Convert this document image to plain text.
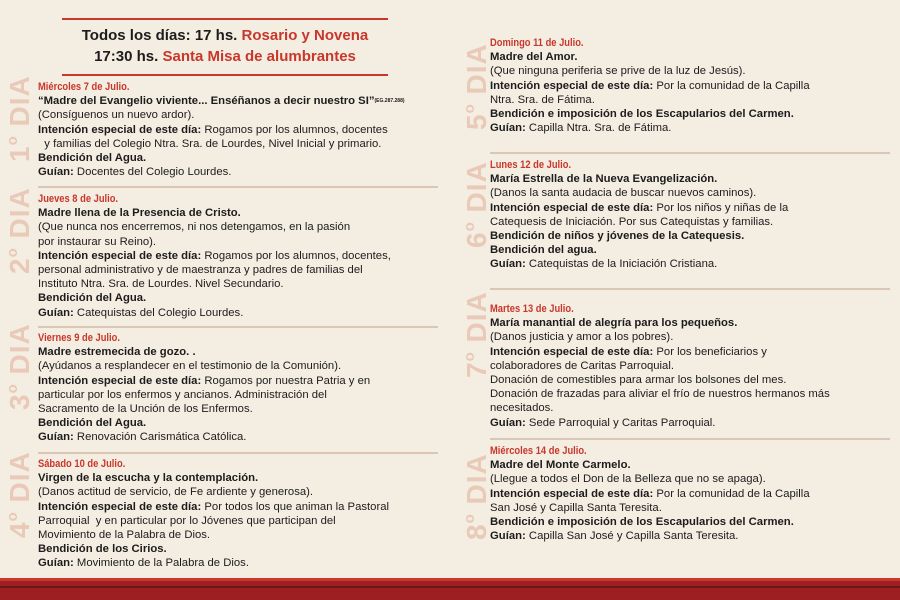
Todos los días: 17 hs. Rosario y Novena
17:30 hs. Santa Misa de alumbrantes
1$^o$ DIA
2$^o$ DIA
3$^o$ DIA
4$^o$ DIA
5$^o$ DIA
6$^o$ DIA
7$^o$ DIA
8$^o$ DIA
Miércoles 7 de Julio.
“Madre del Evangelio viviente... Enséñanos a decir nuestro SI”$^{(EG.287.288)}$
(Consíguenos un nuevo ardor).
Intención especial de este día: Rogamos por los alumnos, docentes
y familias del Colegio Ntra. Sra. de Lourdes, Nivel Inicial y primario.
Bendición del Agua.
Guían: Docentes del Colegio Lourdes.
Jueves 8 de Julio.
Madre llena de la Presencia de Cristo.
(Que nunca nos encerremos, ni nos detengamos, en la pasión
por instaurar su Reino).
Intención especial de este día: Rogamos por los alumnos, docentes,
personal administrativo y de maestranza y padres de familias del
Instituto Ntra. Sra. de Lourdes. Nivel Secundario.
Bendición del Agua.
Guían: Catequistas del Colegio Lourdes.
Viernes 9 de Julio.
Madre estremecida de gozo. .
(Ayúdanos a resplandecer en el testimonio de la Comunión).
Intención especial de este día: Rogamos por nuestra Patria y en
particular por los enfermos y ancianos. Administración del
Sacramento de la Unción de los Enfermos.
Bendición del Agua.
Guían: Renovación Carismática Católica.
Sábado 10 de Julio.
Virgen de la escucha y la contemplación.
(Danos actitud de servicio, de Fe ardiente y generosa).
Intención especial de este día: Por todos los que animan la Pastoral
Parroquial  y en particular por lo Jóvenes que participan del
Movimiento de la Palabra de Dios.
Bendición de los Cirios.
Guían: Movimiento de la Palabra de Dios.
Domingo 11 de Julio.
Madre del Amor.
(Que ninguna periferia se prive de la luz de Jesús).
Intención especial de este día: Por la comunidad de la Capilla
Ntra. Sra. de Fátima.
Bendición e imposición de los Escapularios del Carmen.
Guían: Capilla Ntra. Sra. de Fátima.
Lunes 12 de Julio.
María Estrella de la Nueva Evangelización.
(Danos la santa audacia de buscar nuevos caminos).
Intención especial de este día: Por los niños y niñas de la
Catequesis de Iniciación. Por sus Catequistas y familias.
Bendición de niños y jóvenes de la Catequesis.
Bendición del agua.
Guían: Catequistas de la Iniciación Cristiana.
Martes 13 de Julio.
María manantial de alegría para los pequeños.
(Danos justicia y amor a los pobres).
Intención especial de este día: Por los beneficiarios y
colaboradores de Caritas Parroquial.
Donación de comestibles para armar los bolsones del mes.
Donación de frazadas para aliviar el frío de nuestros hermanos más
necesitados.
Guían: Sede Parroquial y Caritas Parroquial.
Miércoles 14 de Julio.
Madre del Monte Carmelo.
(Llegue a todos el Don de la Belleza que no se apaga).
Intención especial de este día: Por la comunidad de la Capilla
San José y Capilla Santa Teresita.
Bendición e imposición de los Escapularios del Carmen.
Guían: Capilla San José y Capilla Santa Teresita.
